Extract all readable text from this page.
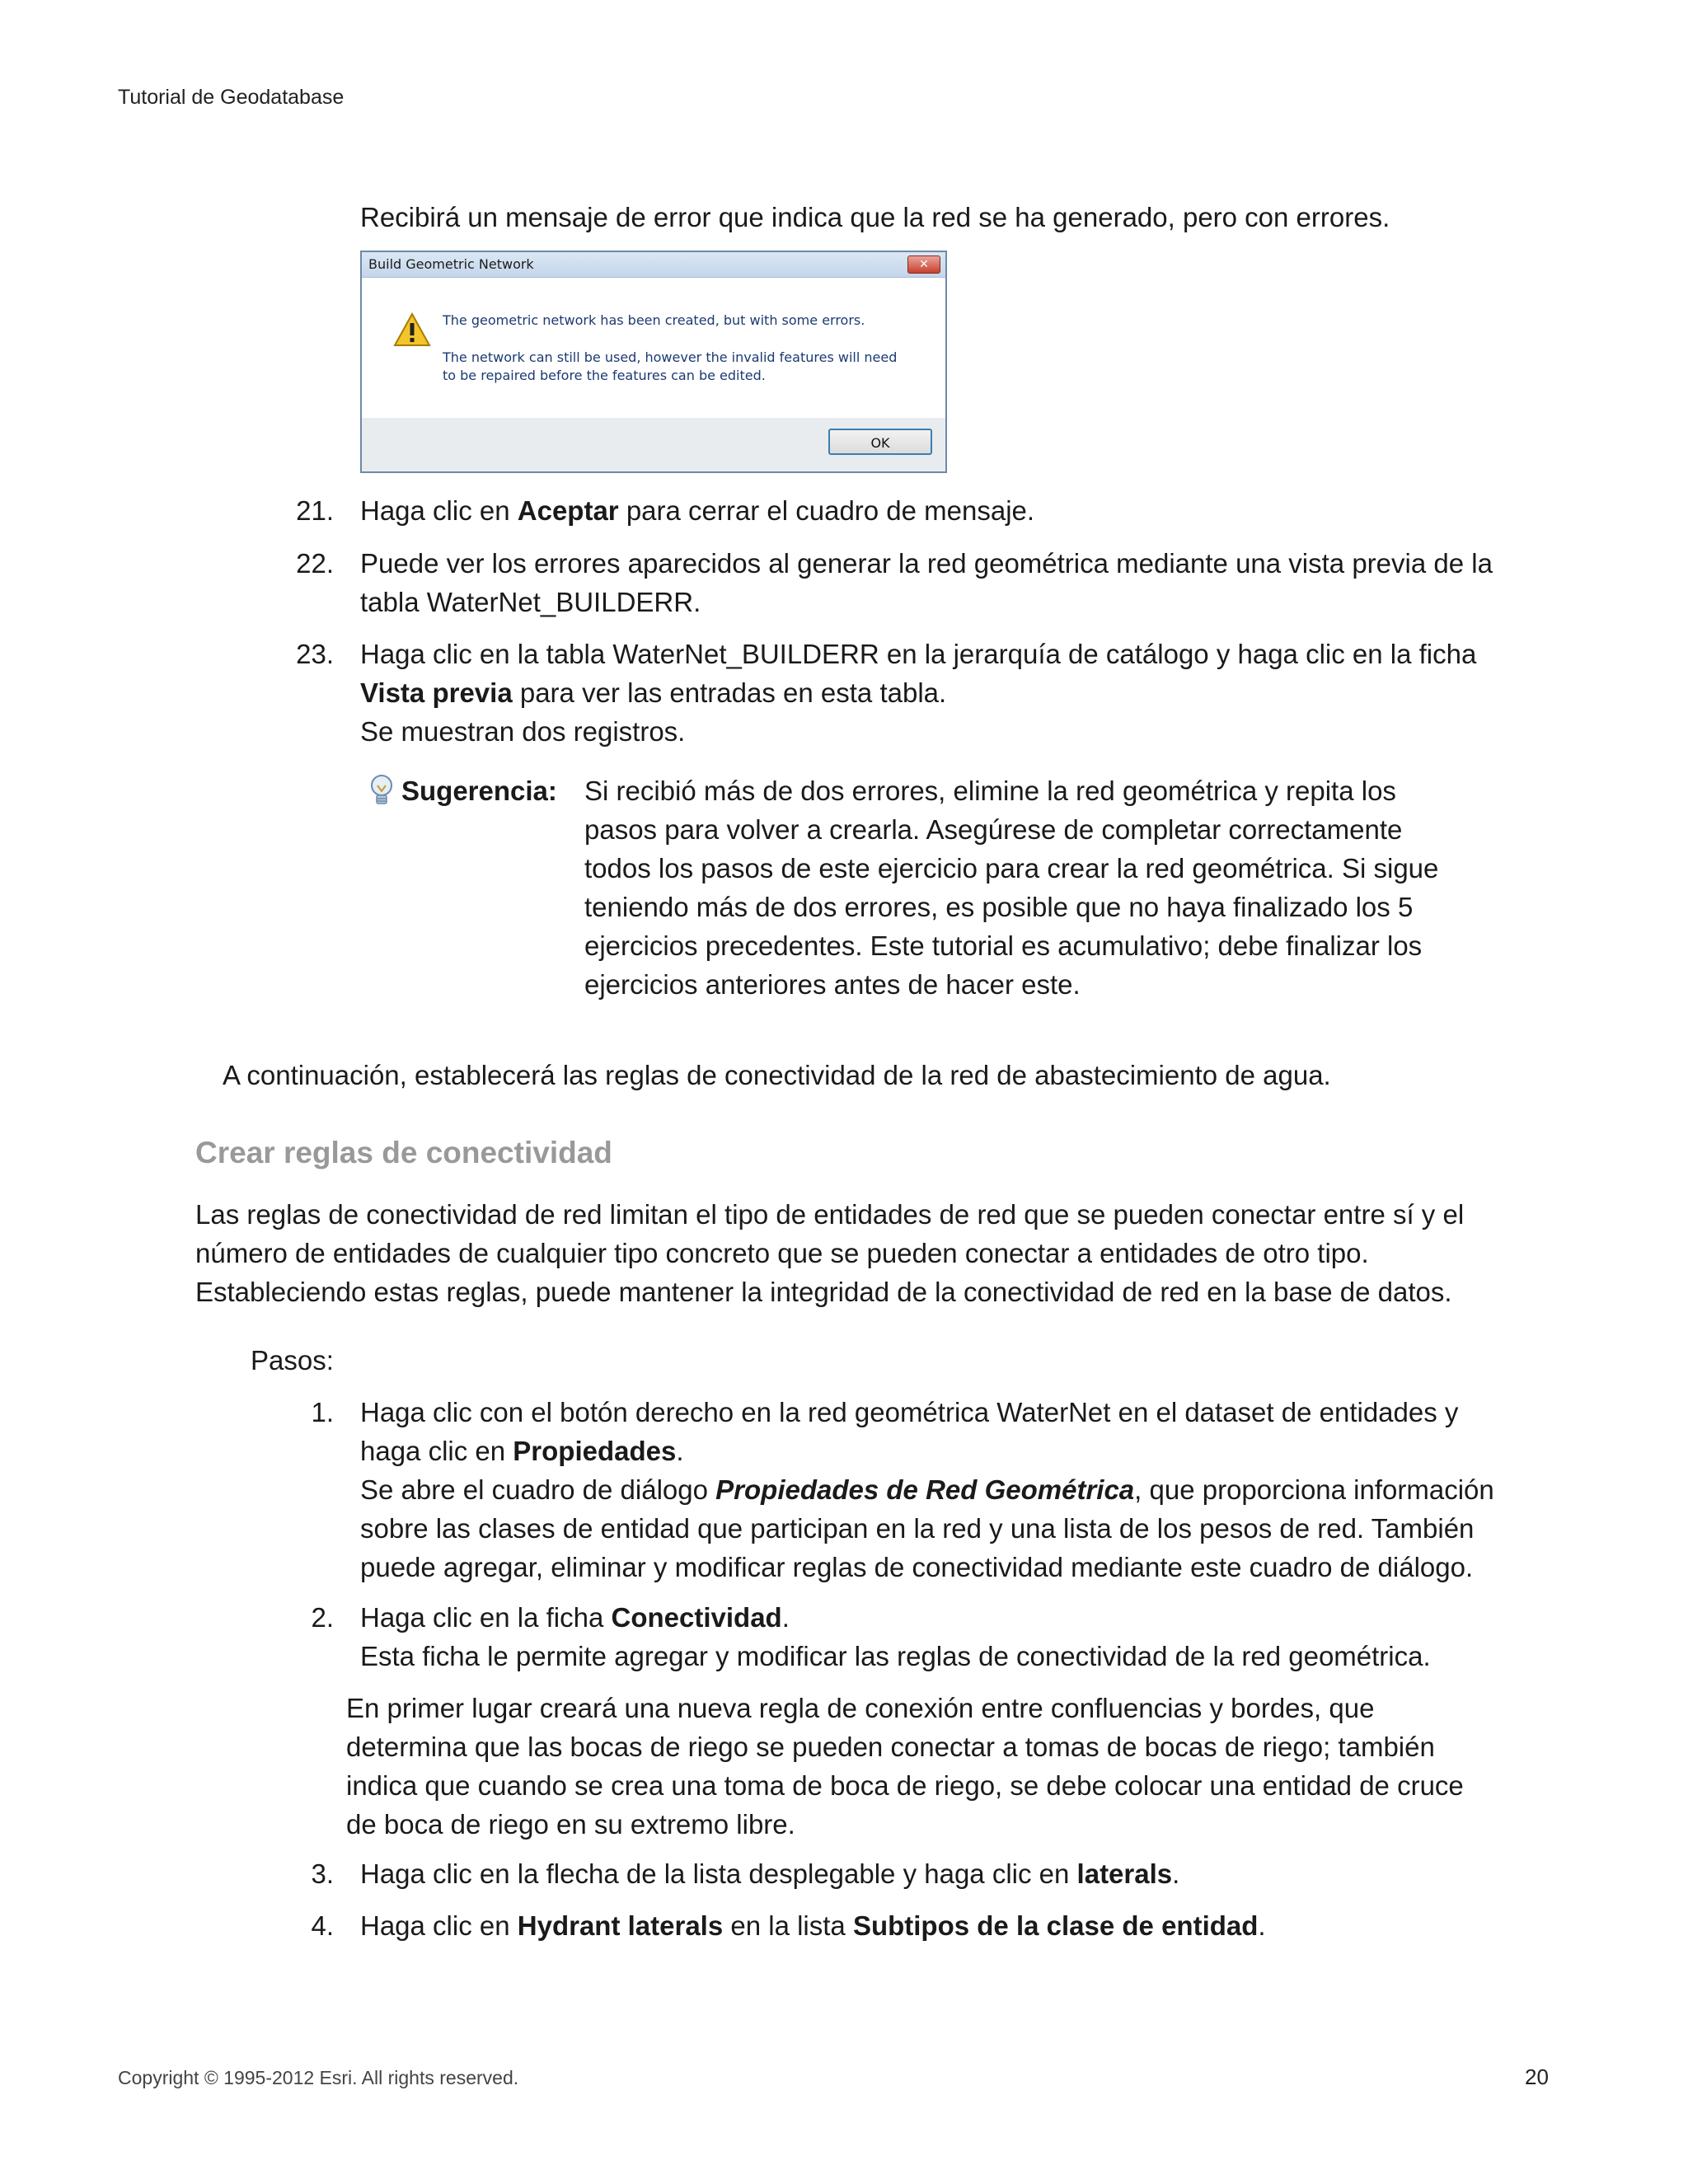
Tutorial de Geodatabase
Recibirá un mensaje de error que indica que la red se ha generado, pero con errores.
Build Geometric Network	✕
The geometric network has been created, but with some errors.
The network can still be used, however the invalid features will need to be repaired before the features can be edited.
OK
21. Haga clic en Aceptar para cerrar el cuadro de mensaje.
22. Puede ver los errores aparecidos al generar la red geométrica mediante una vista previa de la
tabla WaterNet_BUILDERR.
23. Haga clic en la tabla WaterNet_BUILDERR en la jerarquía de catálogo y haga clic en la ficha
Vista previa para ver las entradas en esta tabla.
Se muestran dos registros.
Sugerencia: Si recibió más de dos errores, elimine la red geométrica y repita los
pasos para volver a crearla. Asegúrese de completar correctamente
todos los pasos de este ejercicio para crear la red geométrica. Si sigue
teniendo más de dos errores, es posible que no haya finalizado los 5
ejercicios precedentes. Este tutorial es acumulativo; debe finalizar los
ejercicios anteriores antes de hacer este.
A continuación, establecerá las reglas de conectividad de la red de abastecimiento de agua.
Crear reglas de conectividad
Las reglas de conectividad de red limitan el tipo de entidades de red que se pueden conectar entre sí y el
número de entidades de cualquier tipo concreto que se pueden conectar a entidades de otro tipo.
Estableciendo estas reglas, puede mantener la integridad de la conectividad de red en la base de datos.
Pasos:
1. Haga clic con el botón derecho en la red geométrica WaterNet en el dataset de entidades y
haga clic en Propiedades.
Se abre el cuadro de diálogo Propiedades de Red Geométrica, que proporciona información
sobre las clases de entidad que participan en la red y una lista de los pesos de red. También
puede agregar, eliminar y modificar reglas de conectividad mediante este cuadro de diálogo.
2. Haga clic en la ficha Conectividad.
Esta ficha le permite agregar y modificar las reglas de conectividad de la red geométrica.
En primer lugar creará una nueva regla de conexión entre confluencias y bordes, que
determina que las bocas de riego se pueden conectar a tomas de bocas de riego; también
indica que cuando se crea una toma de boca de riego, se debe colocar una entidad de cruce
de boca de riego en su extremo libre.
3. Haga clic en la flecha de la lista desplegable y haga clic en laterals.
4. Haga clic en Hydrant laterals en la lista Subtipos de la clase de entidad.
Copyright © 1995-2012 Esri. All rights reserved.	20
